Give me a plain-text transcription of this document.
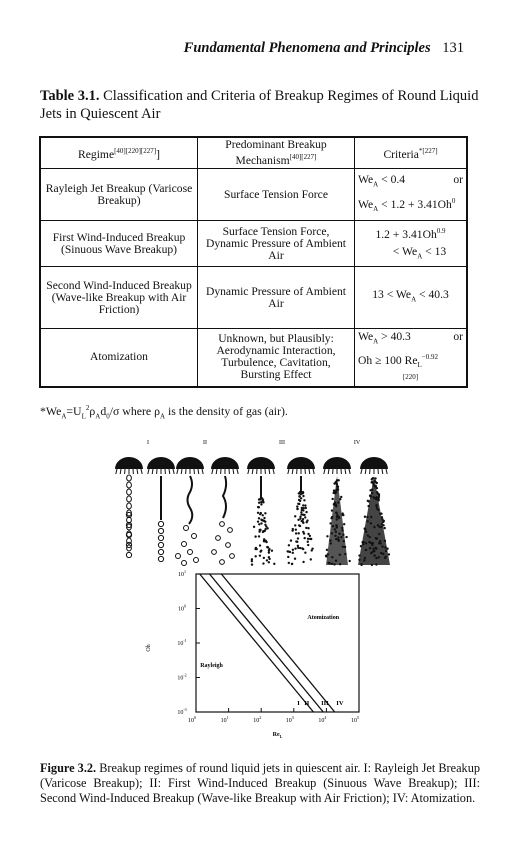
Fundamental Phenomena and Principles 131
Table 3.1. Classification and Criteria of Breakup Regimes of Round Liquid Jets in Quiescent Air
Regime[40][220][227]]	Predominant Breakup Mechanism[40][227]	Criteria$^{*[227]}$
Rayleigh Jet Breakup (Varicose Breakup)	Surface Tension Force	$We_A < 0.4$ or
$We_A < 1.2 + 3.41Oh^0$

First Wind-Induced Breakup (Sinuous Wave Breakup)	Surface Tension Force, Dynamic Pressure of Ambient Air	$1.2 + 3.41Oh^{0.9}$
< $We_A < 13$

Second Wind-Induced Breakup (Wave-like Breakup with Air Friction)	Dynamic Pressure of Ambient Air	$13 < We_A < 40.3$
Atomization	Unknown, but Plausibly: Aerodynamic Interaction, Turbulence, Cavitation, Bursting Effect	$We_A > 40.3$ or
Oh ≥ 100 $Re_L^{-0.92}$
[220]
$*We_A=U_L^2\rho_Ad_0/\sigma$ where $\rho_A$ is the density of gas (air).
I	II	III	IV
$10^0$
$10^1$
$10^2$
$10^3$
$10^4$
$10^5$
$10^1$
$10^0$
$10^{-1}$
$10^{-2}$
$10^{-3}$
$Re_L$
Oh
Atomization
Rayleigh
I II III IV
Figure 3.2. Breakup regimes of round liquid jets in quiescent air. I: Rayleigh Jet Breakup (Varicose Breakup); II: First Wind-Induced Breakup (Sinuous Wave Breakup); III: Second Wind-Induced Breakup (Wave-like Breakup with Air Friction); IV: Atomization.
